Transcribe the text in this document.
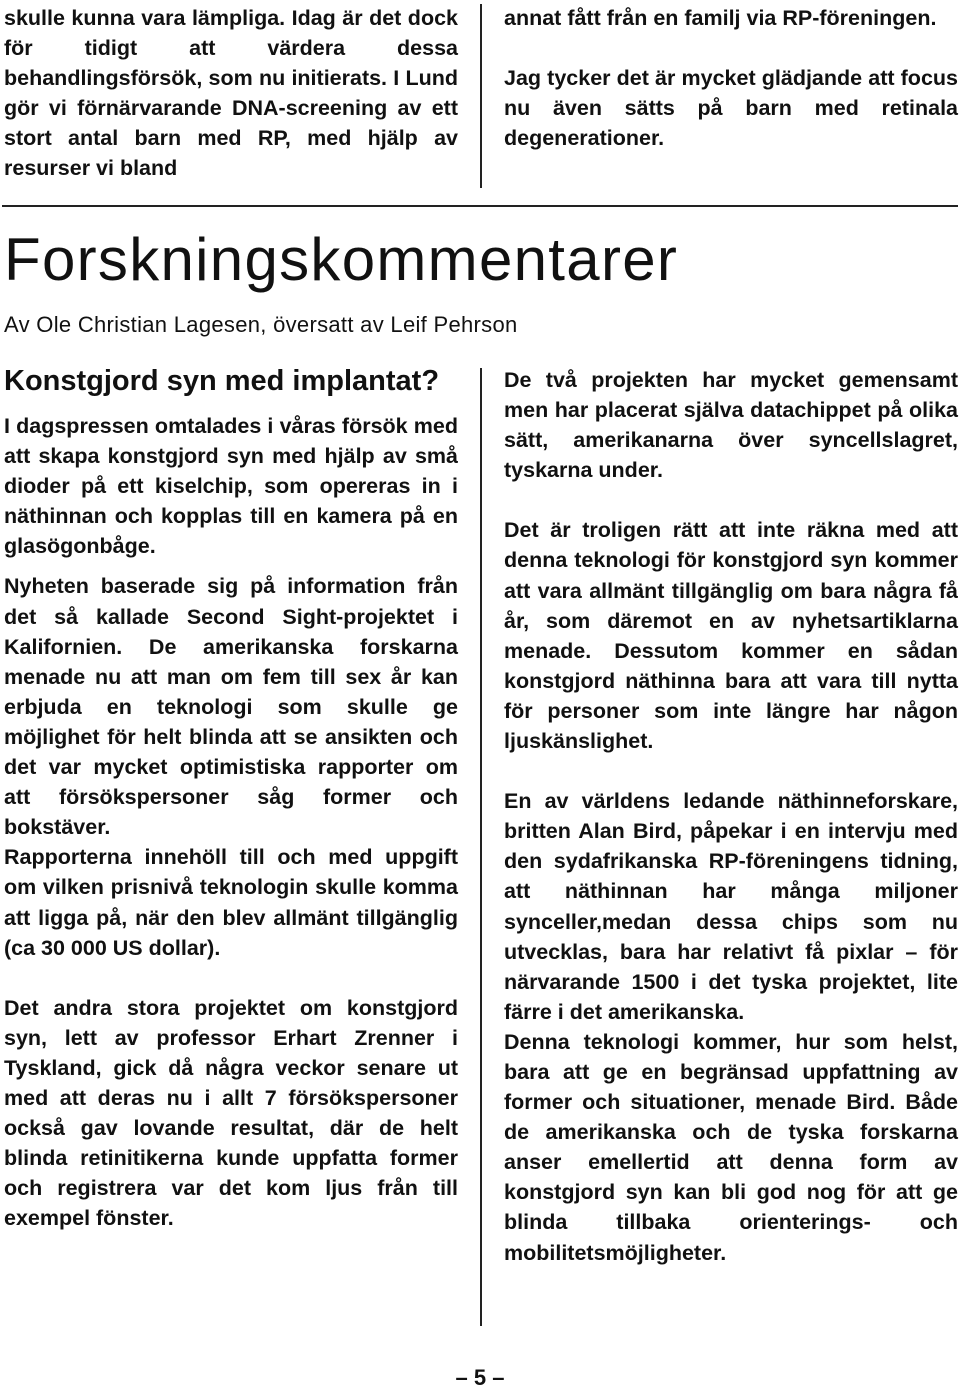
skulle kunna vara lämpliga. Idag är det dock för tidigt att värdera dessa behandlingsförsök, som nu initierats. I Lund gör vi förnärvarande DNA-screening av ett stort antal barn med RP, med hjälp av resurser vi bland

annat fått från en familj via RP-föreningen.

Jag tycker det är mycket glädjande att focus nu även sätts på barn med retinala degenerationer.

Forskningskommentarer
Av Ole Christian Lagesen, översatt av Leif Pehrson
Konstgjord syn med implantat?

I dagspressen omtalades i våras försök med att skapa konstgjord syn med hjälp av små dioder på ett kiselchip, som opereras in i näthinnan och kopplas till en kamera på en glasögonbåge.

Nyheten baserade sig på information från det så kallade Second Sight-projektet i Kalifornien. De amerikanska forskarna menade nu att man om fem till sex år kan erbjuda en teknologi som skulle ge möjlighet för helt blinda att se ansikten och det var mycket optimistiska rapporter om att försökspersoner såg former och bokstäver.

Rapporterna innehöll till och med uppgift om vilken prisnivå teknologin skulle komma att ligga på, när den blev allmänt tillgänglig (ca 30 000 US dollar).

Det andra stora projektet om konstgjord syn, lett av professor Erhart Zrenner i Tyskland, gick då några veckor senare ut med att deras nu i allt 7 försökspersoner också gav lovande resultat, där de helt blinda retinitikerna kunde uppfatta former och registrera var det kom ljus från till exempel fönster.

De två projekten har mycket gemensamt men har placerat själva datachippet på olika sätt, amerikanarna över syncellslagret, tyskarna under.

Det är troligen rätt att inte räkna med att denna teknologi för konstgjord syn kommer att vara allmänt tillgänglig om bara några få år, som däremot en av nyhetsartiklarna menade. Dessutom kommer en sådan konstgjord näthinna bara att vara till nytta för personer som inte längre har någon ljuskänslighet.

En av världens ledande näthinneforskare, britten Alan Bird, påpekar i en intervju med den sydafrikanska RP-föreningens tidning, att näthinnan har många miljoner synceller,medan dessa chips som nu utvecklas, bara har relativt få pixlar – för närvarande 1500 i det tyska projektet, lite färre i det amerikanska.

Denna teknologi kommer, hur som helst, bara att ge en begränsad uppfattning av former och situationer, menade Bird. Både de amerikanska och de tyska forskarna anser emellertid att denna form av konstgjord syn kan bli god nog för att ge blinda tillbaka orienterings- och mobilitetsmöjligheter.

– 5 –
